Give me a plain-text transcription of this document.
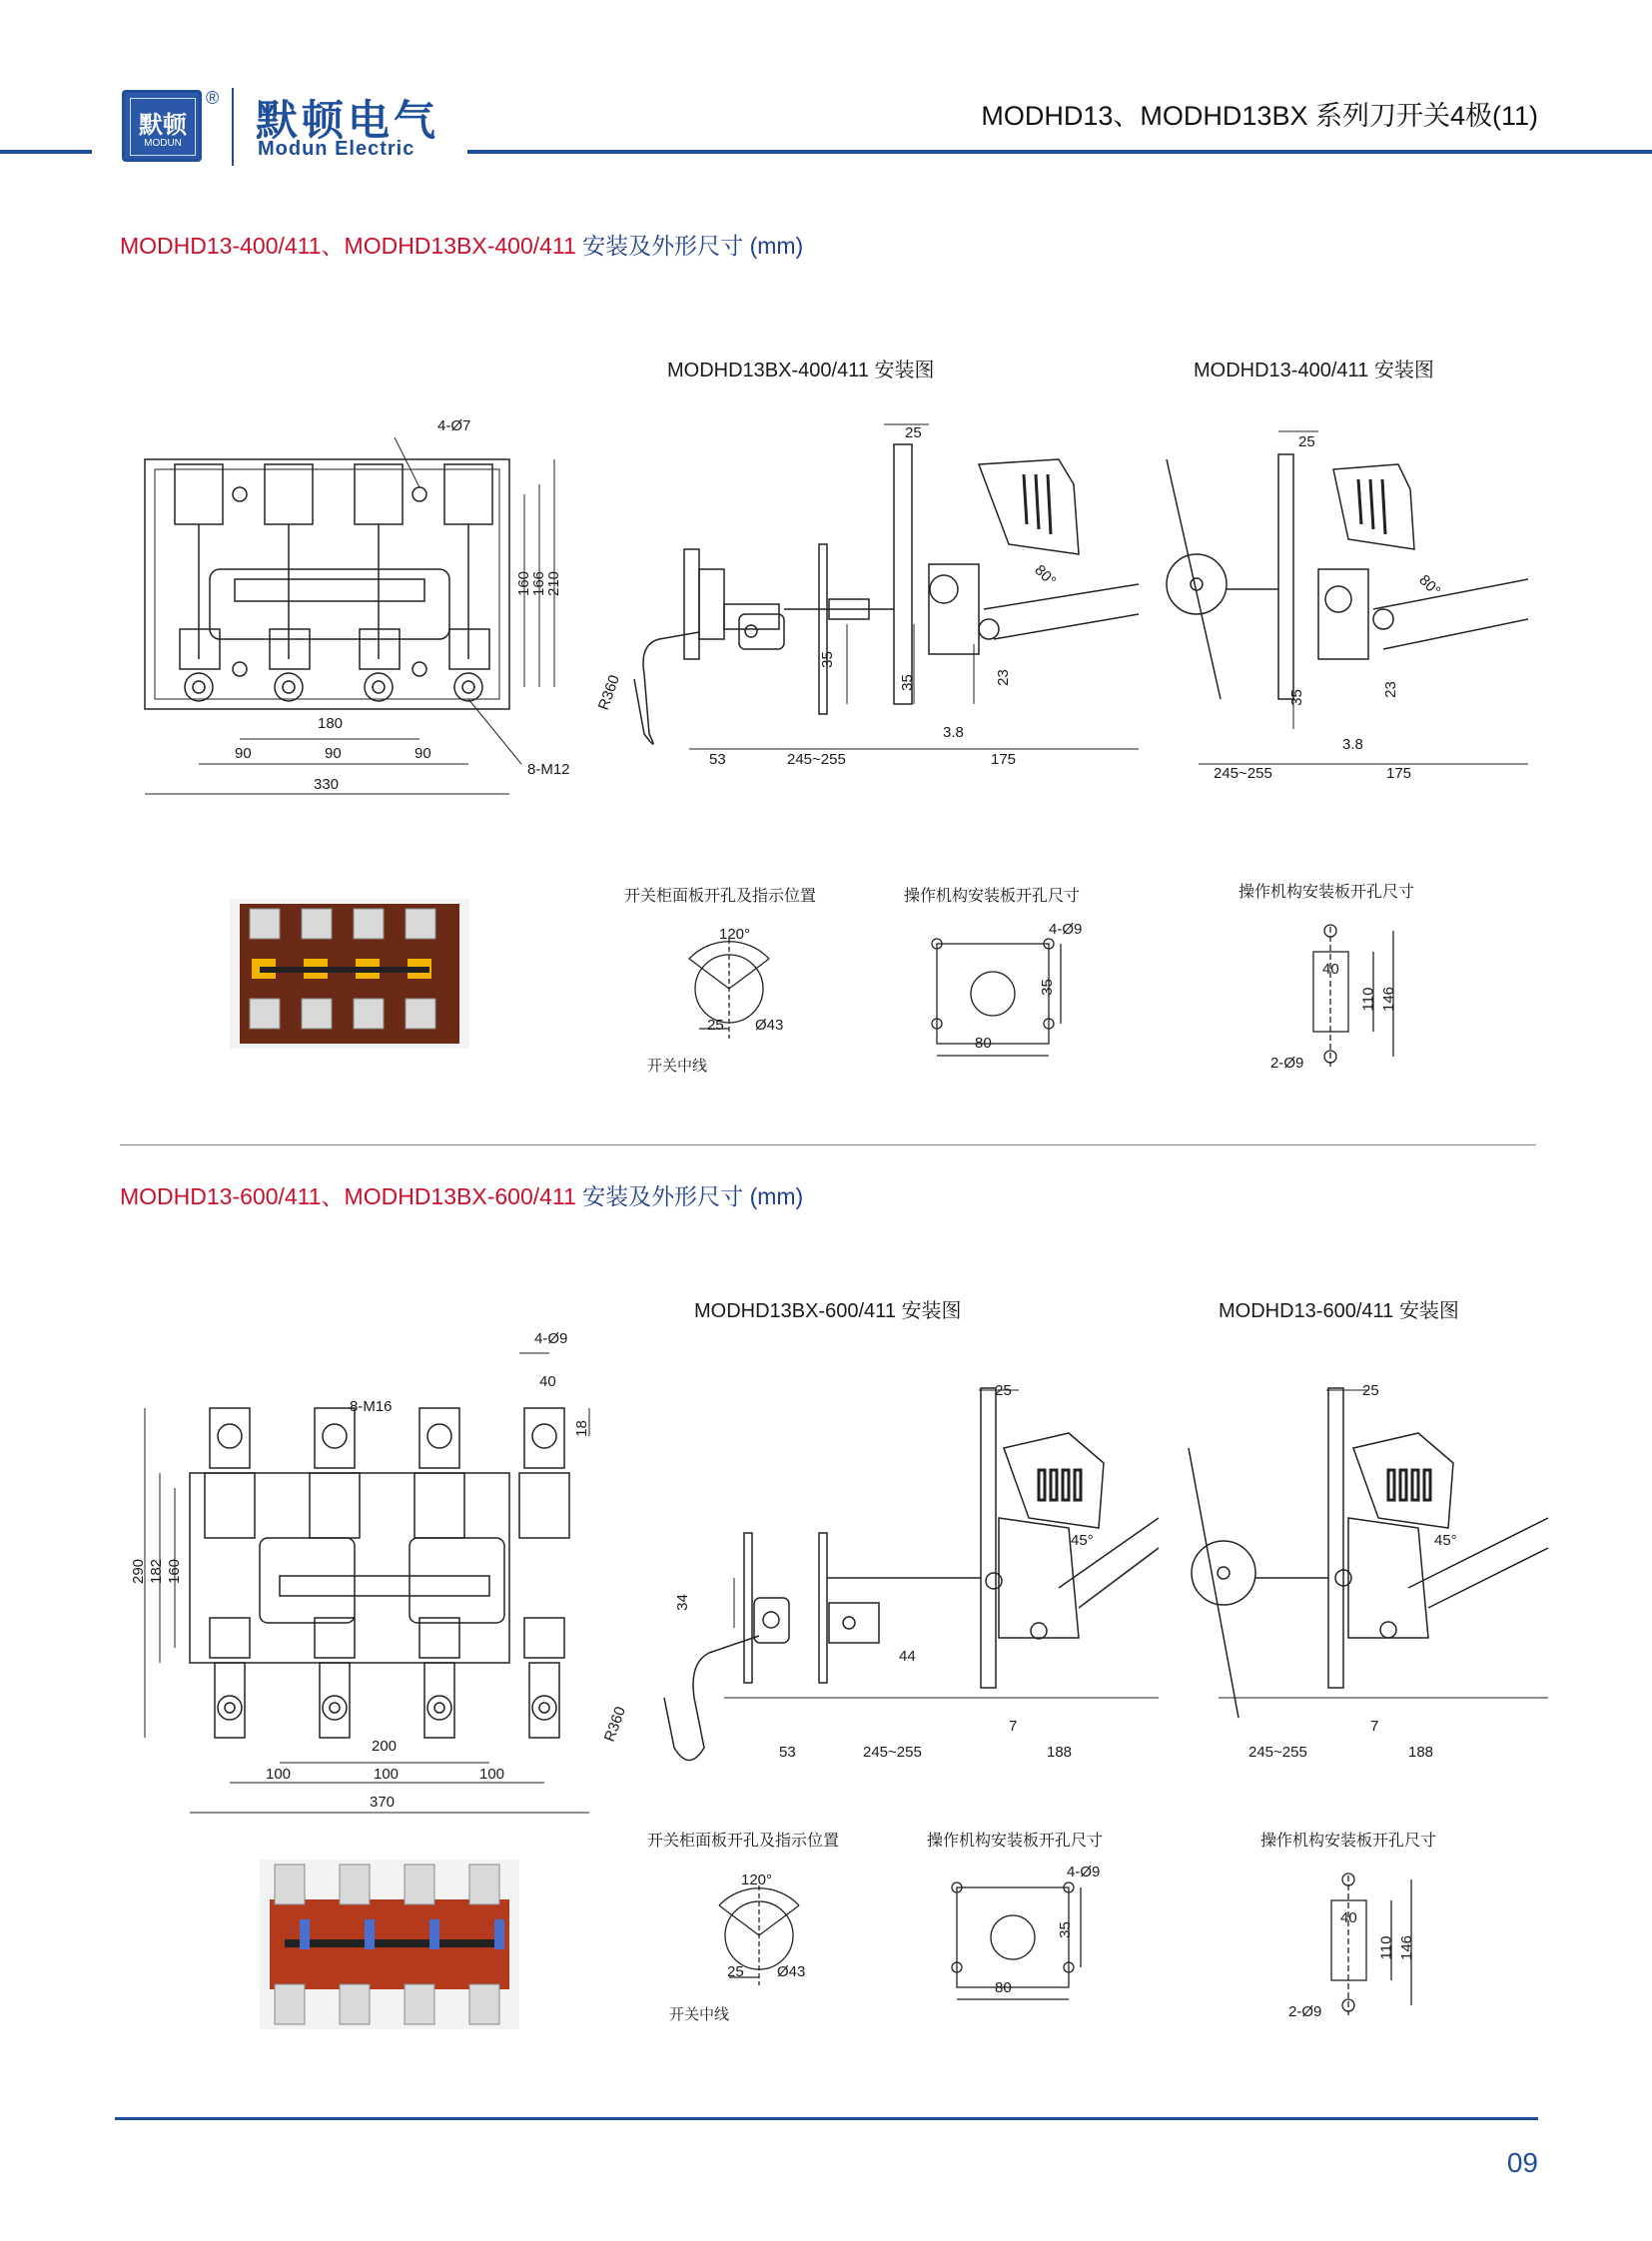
默顿
MODUN
® 默顿电气
Modun Electric
MODHD13、MODHD13BX 系列刀开关4极(11)
MODHD13-400/411、MODHD13BX-400/411 安装及外形尺寸 (mm)
MODHD13BX-400/411 安装图	MODHD13-400/411 安装图
4-Ø7
160
166
210
180
90	90	90
8-M12
330
25
80°
R360
35
35	23
3.8
53	245~255	175
25
80°
35	23
3.8
245~255	175
开关柜面板开孔及指示位置
120°
25 Ø43
开关中线
操作机构安装板开孔尺寸
4-Ø9
35
80
操作机构安装板开孔尺寸
40
110 146
2-Ø9
MODHD13-600/411、MODHD13BX-600/411 安装及外形尺寸 (mm)
MODHD13BX-600/411 安装图	MODHD13-600/411 安装图
4-Ø9
40
8-M16
18
290 182 160
200
100	100	100
370
25
45°
R360
34
44
7
53	245~255	188
25
45°
7
245~255	188
开关柜面板开孔及指示位置	操作机构安装板开孔尺寸	操作机构安装板开孔尺寸
120°
25 Ø43
开关中线
4-Ø9
35
80
40
110 146
2-Ø9
09
